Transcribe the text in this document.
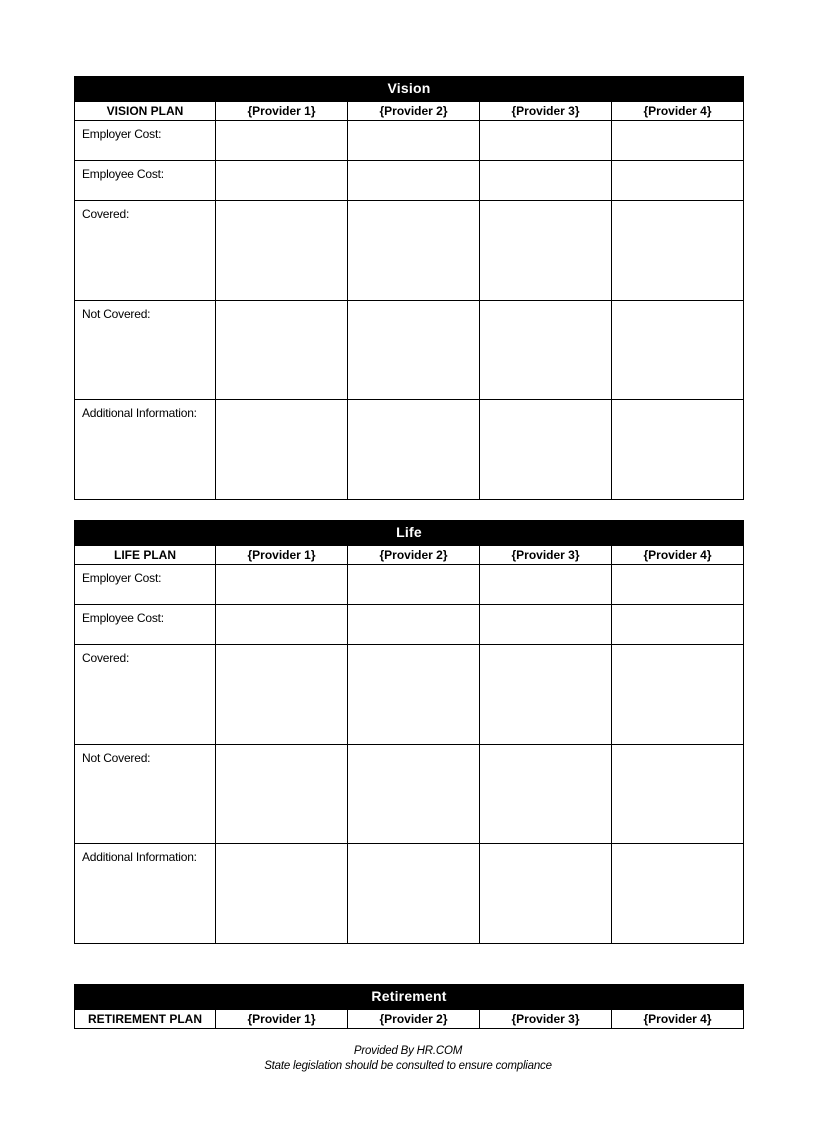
Vision
VISION PLAN	{Provider 1}	{Provider 2}	{Provider 3}	{Provider 4}
Employer Cost:				
Employee Cost:				
Covered:				
Not Covered:				
Additional Information:				
Life
LIFE PLAN	{Provider 1}	{Provider 2}	{Provider 3}	{Provider 4}
Employer Cost:				
Employee Cost:				
Covered:				
Not Covered:				
Additional Information:				
Retirement
RETIREMENT PLAN	{Provider 1}	{Provider 2}	{Provider 3}	{Provider 4}
Provided By HR.COM
State legislation should be consulted to ensure compliance
